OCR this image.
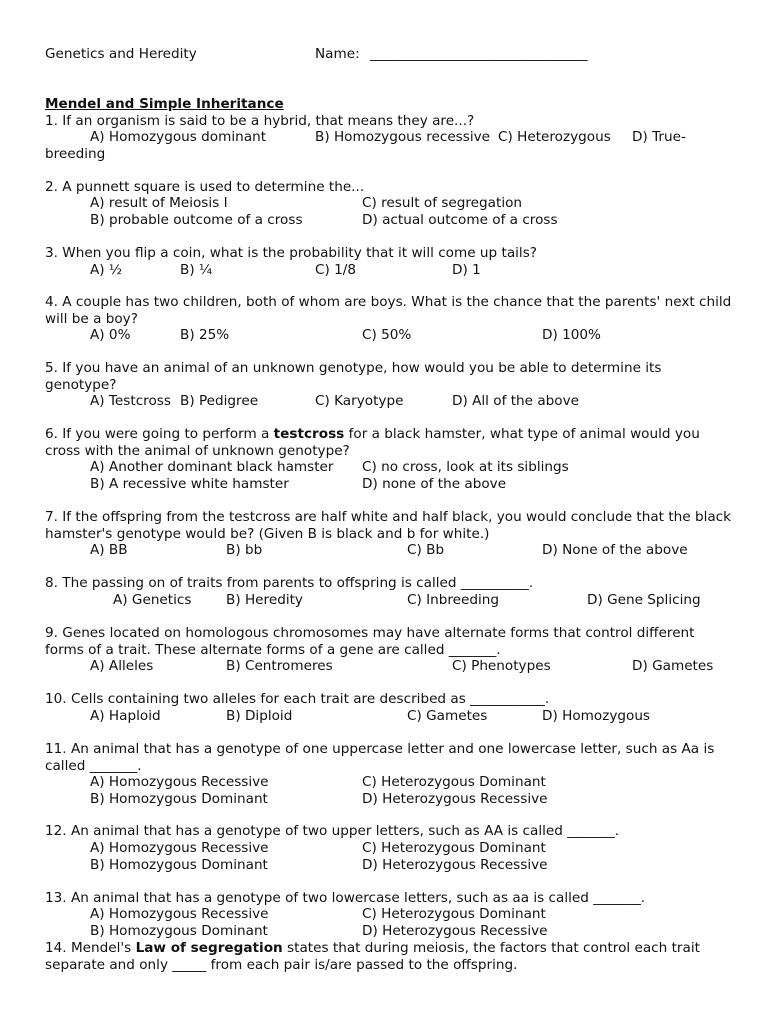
Genetics and Heredity	Name: ________________________________
Mendel and Simple Inheritance
1. If an organism is said to be a hybrid, that means they are...?
A) Homozygous dominant	B) Homozygous recessive C) Heterozygous D) True-
breeding
2. A punnett square is used to determine the...
A) result of Meiosis I	C) result of segregation
B) probable outcome of a cross	D) actual outcome of a cross
3. When you flip a coin, what is the probability that it will come up tails?
A) ½	B) ¼	C) 1/8	D) 1
4. A couple has two children, both of whom are boys. What is the chance that the parents' next child will be a boy?
A) 0%	B) 25%	C) 50%	D) 100%
5. If you have an animal of an unknown genotype, how would you be able to determine its genotype?
A) Testcross B) Pedigree	C) Karyotype	D) All of the above
6. If you were going to perform a testcross for a black hamster, what type of animal would you cross with the animal of unknown genotype?
A) Another dominant black hamster C) no cross, look at its siblings
B) A recessive white hamster	D) none of the above
7. If the offspring from the testcross are half white and half black, you would conclude that the black hamster's genotype would be? (Given B is black and b for white.)
A) BB	B) bb	C) Bb	D) None of the above
8. The passing on of traits from parents to offspring is called __________.
A) Genetics	B) Heredity	C) Inbreeding	D) Gene Splicing
9. Genes located on homologous chromosomes may have alternate forms that control different forms of a trait. These alternate forms of a gene are called _______.
A) Alleles	B) Centromeres	C) Phenotypes	D) Gametes
10. Cells containing two alleles for each trait are described as ___________.
A) Haploid	B) Diploid	C) Gametes	D) Homozygous
11. An animal that has a genotype of one uppercase letter and one lowercase letter, such as Aa is called _______.
A) Homozygous Recessive	C) Heterozygous Dominant
B) Homozygous Dominant	D) Heterozygous Recessive
12. An animal that has a genotype of two upper letters, such as AA is called _______.
A) Homozygous Recessive	C) Heterozygous Dominant
B) Homozygous Dominant	D) Heterozygous Recessive
13. An animal that has a genotype of two lowercase letters, such as aa is called _______.
A) Homozygous Recessive	C) Heterozygous Dominant
B) Homozygous Dominant	D) Heterozygous Recessive
14. Mendel's Law of segregation states that during meiosis, the factors that control each trait separate and only _____ from each pair is/are passed to the offspring.
